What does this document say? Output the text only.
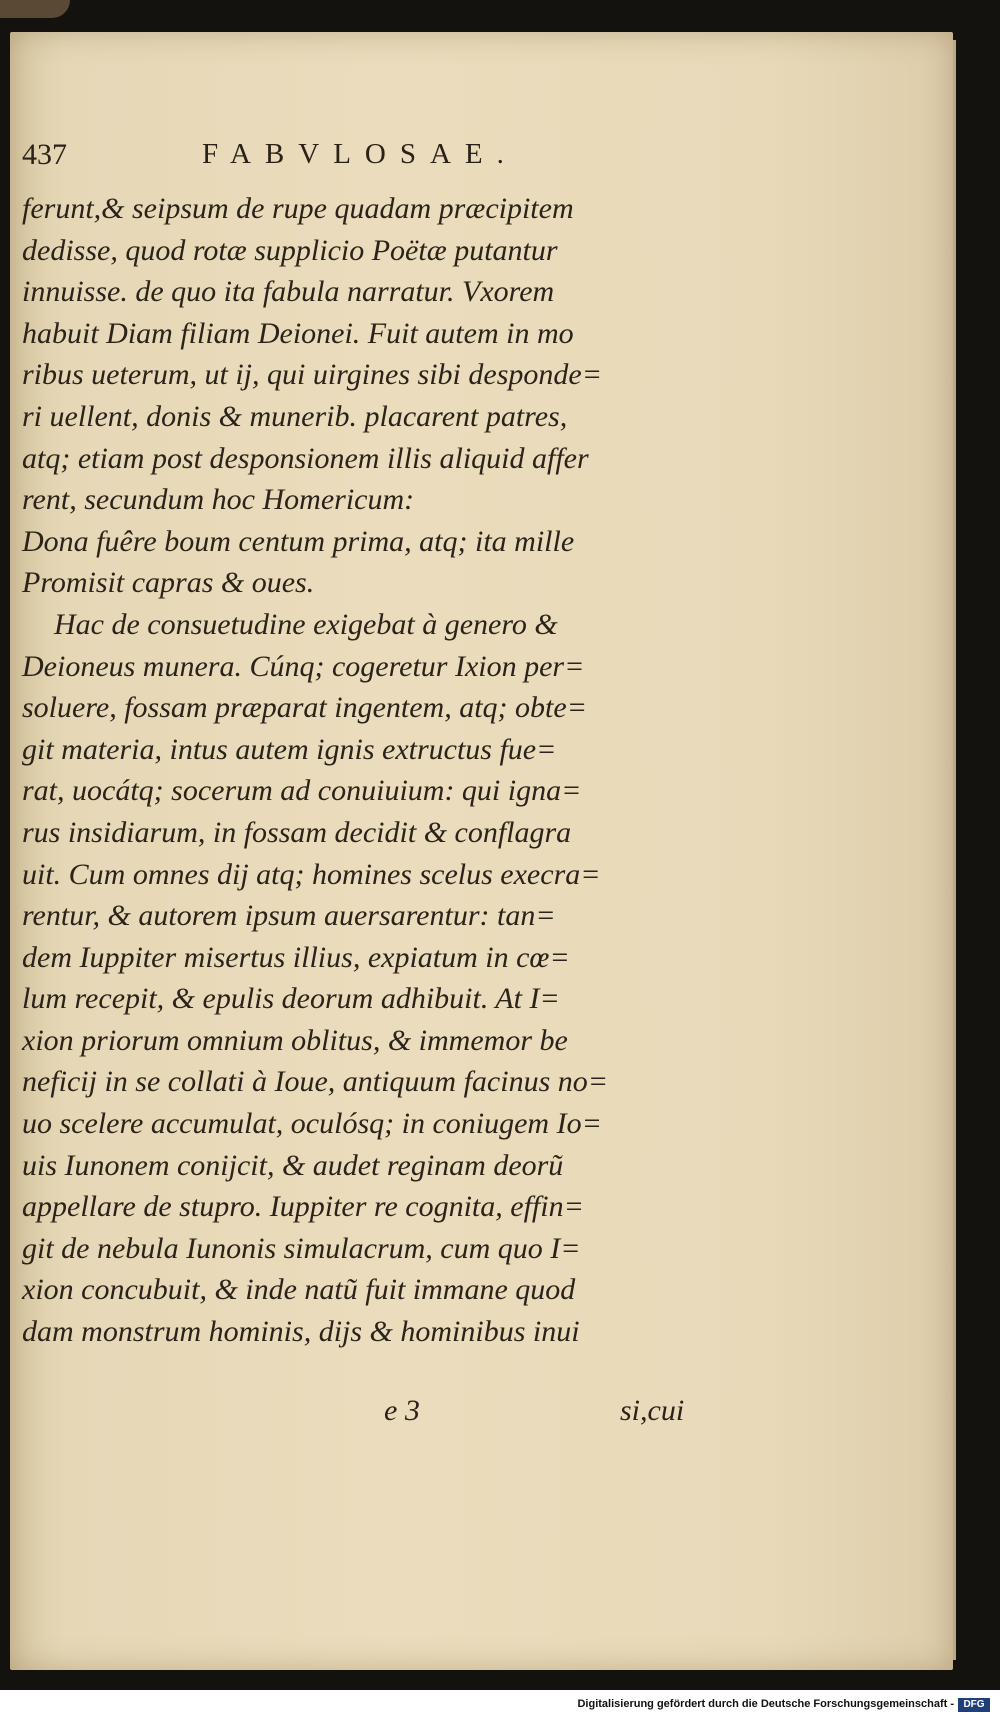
437	FABVLOSAE.
ferunt,& seipsum de rupe quadam præcipitem
dedisse, quod rotæ supplicio Poëtæ putantur
innuisse. de quo ita fabula narratur. Vxorem
habuit Diam filiam Deionei. Fuit autem in mo
ribus ueterum, ut ij, qui uirgines sibi desponde=
ri uellent, donis & munerib. placarent patres,
atq; etiam post desponsionem illis aliquid affer
rent, secundum hoc Homericum:
Dona fuêre boum centum prima, atq; ita mille
Promisit capras & oues.
Hac de consuetudine exigebat à genero &
Deioneus munera. Cúnq; cogeretur Ixion per=
soluere, fossam præparat ingentem, atq; obte=
git materia, intus autem ignis extructus fue=
rat, uocátq; socerum ad conuiuium: qui igna=
rus insidiarum, in fossam decidit & conflagra
uit. Cum omnes dij atq; homines scelus execra=
rentur, & autorem ipsum auersarentur: tan=
dem Iuppiter misertus illius, expiatum in cœ=
lum recepit, & epulis deorum adhibuit. At I=
xion priorum omnium oblitus, & immemor be
neficij in se collati à Ioue, antiquum facinus no=
uo scelere accumulat, oculósq; in coniugem Io=
uis Iunonem conijcit, & audet reginam deorũ
appellare de stupro. Iuppiter re cognita, effin=
git de nebula Iunonis simulacrum, cum quo I=
xion concubuit, & inde natũ fuit immane quod
dam monstrum hominis, dijs & hominibus inui
e 3	si,cui
Digitalisierung gefördert durch die Deutsche Forschungsgemeinschaft - DFG
